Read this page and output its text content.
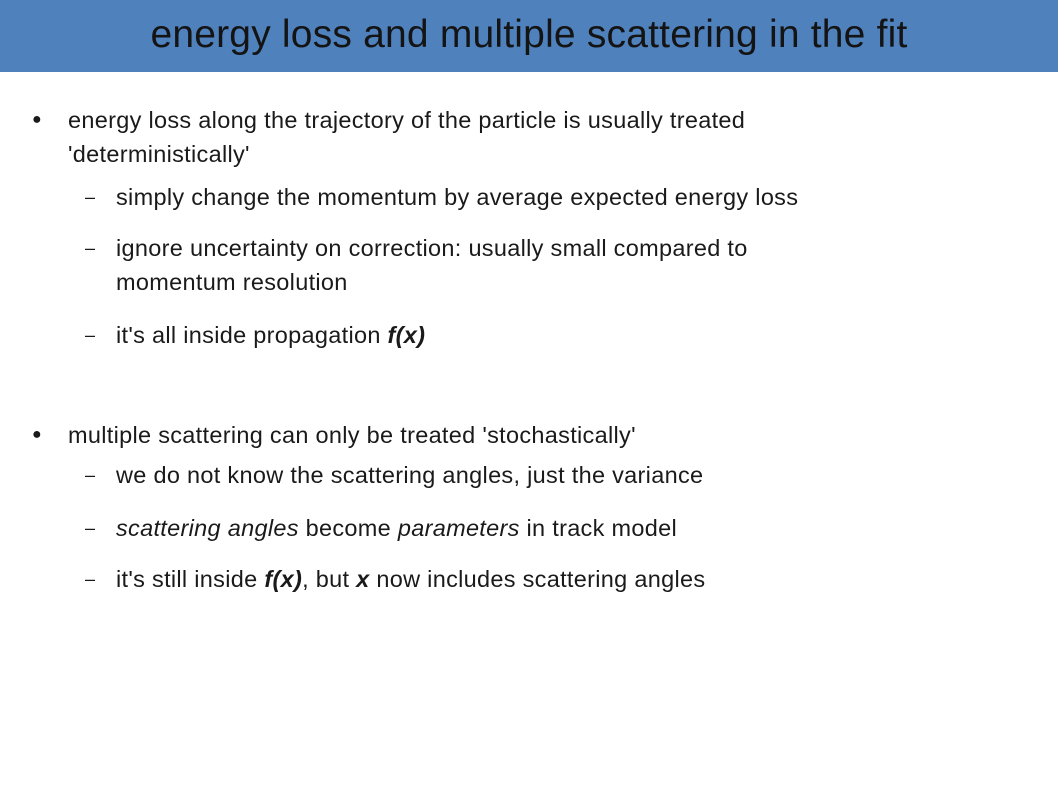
energy loss and multiple scattering in the fit
● energy loss along the trajectory of the particle is usually treated
'deterministically'
– simply change the momentum by average expected energy loss
– ignore uncertainty on correction: usually small compared to
momentum resolution
– it's all inside propagation f(x)
● multiple scattering can only be treated 'stochastically'
– we do not know the scattering angles, just the variance
– scattering angles become parameters in track model
– it's still inside f(x), but x now includes scattering angles
